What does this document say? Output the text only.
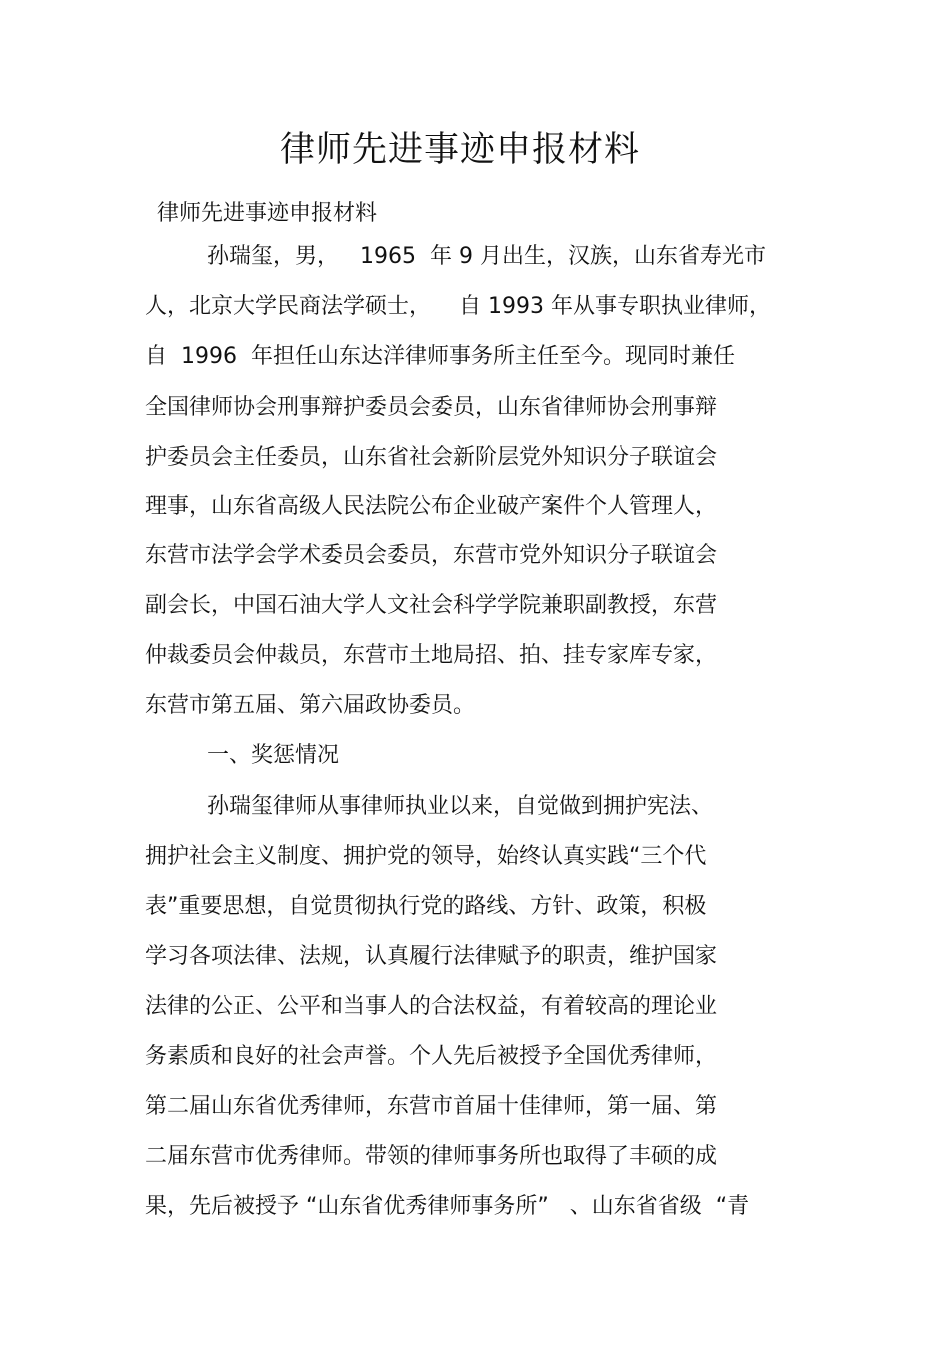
律师先进事迹申报材料
律师先进事迹申报材料
孙瑞玺，男，   1965  年 9 月出生，汉族，山东省寿光市
人，北京大学民商法学硕士，    自 1993 年从事专职执业律师，
自  1996  年担任山东达洋律师事务所主任至今。现同时兼任
全国律师协会刑事辩护委员会委员，山东省律师协会刑事辩
护委员会主任委员，山东省社会新阶层党外知识分子联谊会
理事，山东省高级人民法院公布企业破产案件个人管理人，
东营市法学会学术委员会委员，东营市党外知识分子联谊会
副会长，中国石油大学人文社会科学学院兼职副教授，东营
仲裁委员会仲裁员，东营市土地局招、拍、挂专家库专家，
东营市第五届、第六届政协委员。
一、奖惩情况
孙瑞玺律师从事律师执业以来，自觉做到拥护宪法、
拥护社会主义制度、拥护党的领导，始终认真实践“三个代
表”重要思想，自觉贯彻执行党的路线、方针、政策，积极
学习各项法律、法规，认真履行法律赋予的职责，维护国家
法律的公正、公平和当事人的合法权益，有着较高的理论业
务素质和良好的社会声誉。个人先后被授予全国优秀律师，
第二届山东省优秀律师，东营市首届十佳律师，第一届、第
二届东营市优秀律师。带领的律师事务所也取得了丰硕的成
果，先后被授予 “山东省优秀律师事务所”   、山东省省级  “青
